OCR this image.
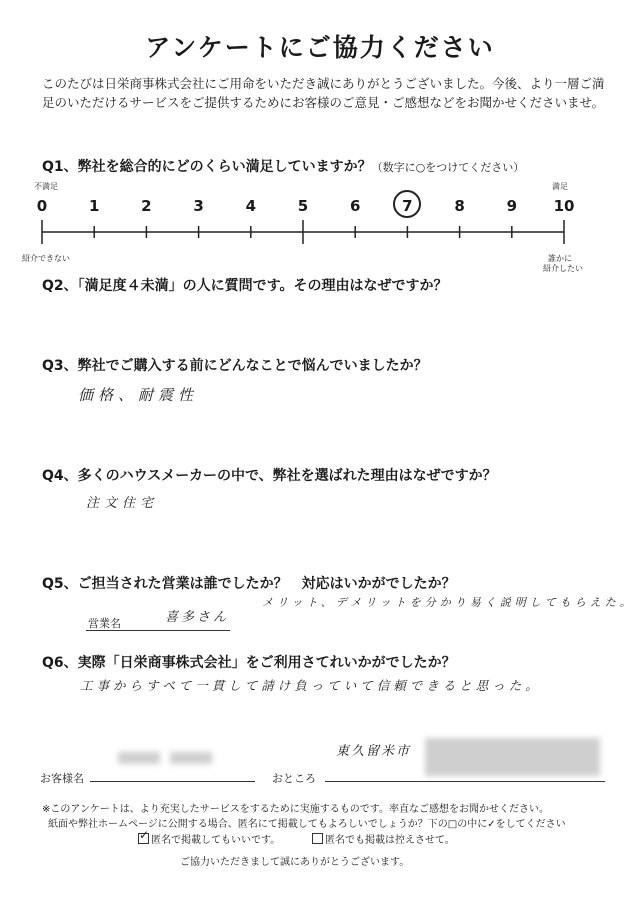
アンケートにご協力ください
このたびは日栄商事株式会社にご用命をいただき誠にありがとうございました。今後、より一層ご満足のいただけるサービスをご提供するためにお客様のご意見・ご感想などをお聞かせくださいませ。
Q1、弊社を総合的にどのくらい満足していますか？（数字に○をつけてください）
不満足	満足
紹介できない	誰かに
紹介したい
Q2、「満足度４未満」の人に質問です。その理由はなぜですか？
Q3、弊社でご購入する前にどんなことで悩んでいましたか？
価格、耐震性
Q4、多くのハウスメーカーの中で、弊社を選ばれた理由はなぜですか？
注文住宅
Q5、ご担当された営業は誰でしたか？　対応はいかがでしたか？
営業名	喜多さん
メリット、デメリットを分かり易く説明してもらえた。
Q6、実際「日栄商事株式会社」をご利用さてれいかがでしたか？
工事からすべて一貫して請け負っていて信頼できると思った。
お客様名	おところ
東久留米市
※このアンケートは、より充実したサービスをするために実施するものです。率直なご感想をお聞かせください。
紙面や弊社ホームページに公開する場合、匿名にて掲載してもよろしいでしょうか？下の□の中に✓をしてください
✓ 匿名で掲載してもいいです。	匿名でも掲載は控えさせて。
ご協力いただきまして誠にありがとうございます。
0	1	2	3	4	5	6	7	8	9	10
